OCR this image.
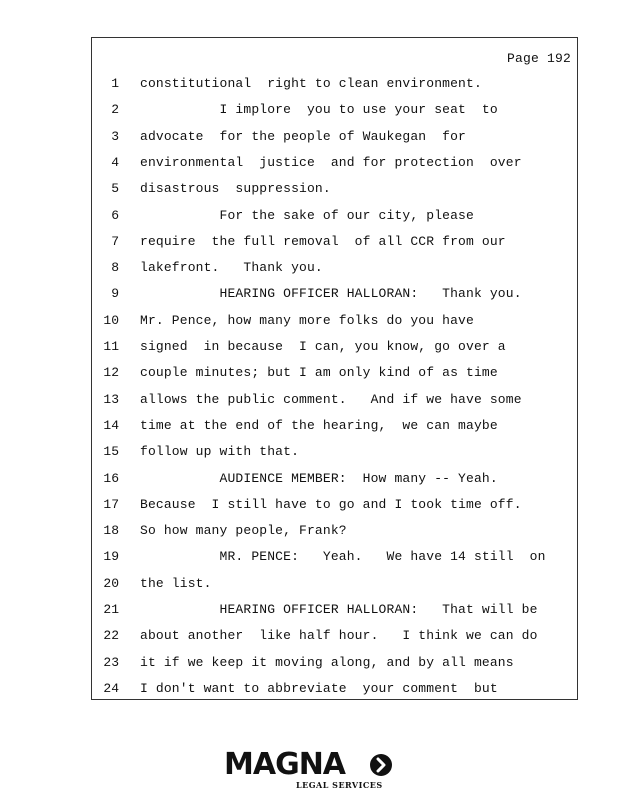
Page 192
1 constitutional  right to clean environment.
2 I implore  you to use your seat  to
3 advocate  for the people of Waukegan  for
4 environmental  justice  and for protection  over
5 disastrous  suppression.
6 For the sake of our city, please
7 require  the full removal  of all CCR from our
8 lakefront.   Thank you.
9 HEARING OFFICER HALLORAN:   Thank you.
10 Mr. Pence, how many more folks do you have
11 signed  in because  I can, you know, go over a
12 couple minutes; but I am only kind of as time
13 allows the public comment.   And if we have some
14 time at the end of the hearing,  we can maybe
15 follow up with that.
16 AUDIENCE MEMBER:  How many -- Yeah.
17 Because  I still have to go and I took time off.
18 So how many people, Frank?
19 MR. PENCE:   Yeah.   We have 14 still  on
20 the list.
21 HEARING OFFICER HALLORAN:   That will be
22 about another  like half hour.   I think we can do
23 it if we keep it moving along, and by all means
24 I don't want to abbreviate  your comment  but
MAGNA
LEGAL SERVICES
